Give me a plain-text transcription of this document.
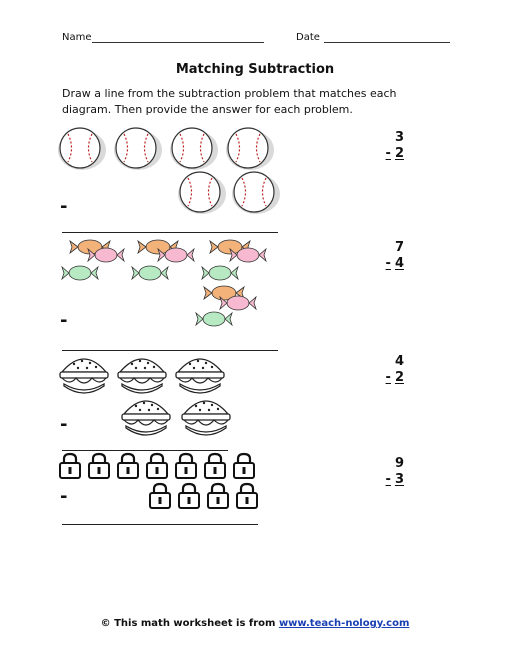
Name	Date
Matching Subtraction
Draw a line from the subtraction problem that matches each diagram. Then provide the answer for each problem.
-
-
-
-
3
- 2
7
- 4
4
- 2
9
- 3
© This math worksheet is from www.teach-nology.com
